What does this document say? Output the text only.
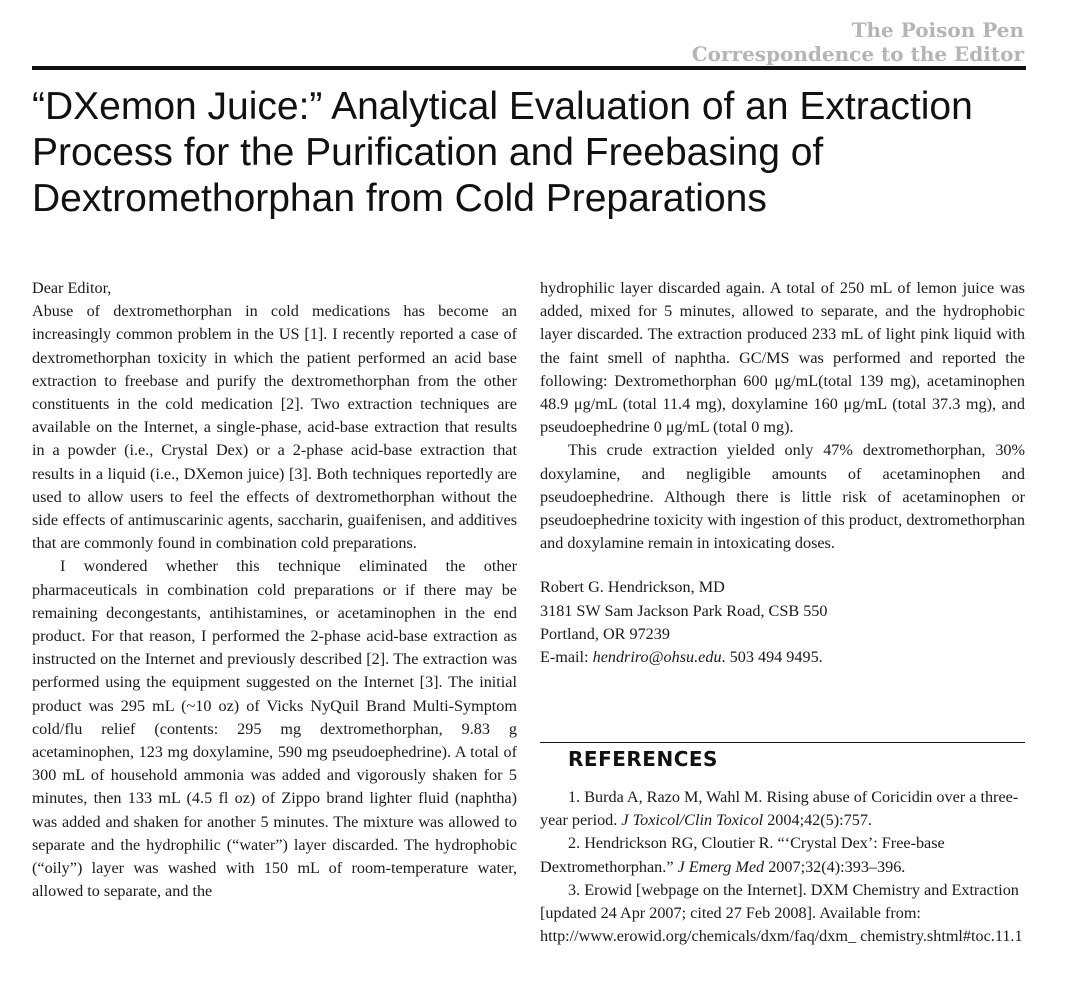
The Poison Pen
Correspondence to the Editor
“DXemon Juice:” Analytical Evaluation of an Extraction Process for the Purification and Freebasing of Dextromethorphan from Cold Preparations

Dear Editor,

Abuse of dextromethorphan in cold medications has become an increasingly common problem in the US [1]. I recently reported a case of dextromethorphan toxicity in which the patient performed an acid base extraction to freebase and purify the dextromethorphan from the other constituents in the cold medication [2]. Two extraction techniques are available on the Internet, a single-phase, acid-base extraction that results in a powder (i.e., Crystal Dex) or a 2-phase acid-base extraction that results in a liquid (i.e., DXemon juice) [3]. Both techniques reportedly are used to allow users to feel the effects of dextromethorphan without the side effects of antimuscarinic agents, saccharin, guaifenisen, and additives that are commonly found in combination cold preparations.

I wondered whether this technique eliminated the other pharmaceuticals in combination cold preparations or if there may be remaining decongestants, antihistamines, or acetaminophen in the end product. For that reason, I performed the 2-phase acid-base extraction as instructed on the Internet and previously described [2]. The extraction was performed using the equipment suggested on the Internet [3]. The initial product was 295 mL (~10 oz) of Vicks NyQuil Brand Multi-Symptom cold/flu relief (contents: 295 mg dextromethorphan, 9.83 g acetaminophen, 123 mg doxylamine, 590 mg pseudoephedrine). A total of 300 mL of household ammonia was added and vigorously shaken for 5 minutes, then 133 mL (4.5 fl oz) of Zippo brand lighter fluid (naphtha) was added and shaken for another 5 minutes. The mixture was allowed to separate and the hydrophilic (“water”) layer discarded. The hydrophobic (“oily”) layer was washed with 150 mL of room-temperature water, allowed to separate, and the

hydrophilic layer discarded again. A total of 250 mL of lemon juice was added, mixed for 5 minutes, allowed to separate, and the hydrophobic layer discarded. The extraction produced 233 mL of light pink liquid with the faint smell of naphtha. GC/MS was performed and reported the following: Dextromethorphan 600 μg/mL(total 139 mg), acetaminophen 48.9 μg/mL (total 11.4 mg), doxylamine 160 μg/mL (total 37.3 mg), and pseudoephedrine 0 μg/mL (total 0 mg).

This crude extraction yielded only 47% dextromethorphan, 30% doxylamine, and negligible amounts of acetaminophen and pseudoephedrine. Although there is little risk of acetaminophen or pseudoephedrine toxicity with ingestion of this product, dextromethorphan and doxylamine remain in intoxicating doses.

Robert G. Hendrickson, MD
3181 SW Sam Jackson Park Road, CSB 550
Portland, OR 97239
E-mail: hendriro@ohsu.edu. 503 494 9495.
REFERENCES

1. Burda A, Razo M, Wahl M. Rising abuse of Coricidin over a three-year period. J Toxicol/Clin Toxicol 2004;42(5):757.

2. Hendrickson RG, Cloutier R. “‘Crystal Dex’: Free-base Dextromethorphan.” J Emerg Med 2007;32(4):393–396.

3. Erowid [webpage on the Internet]. DXM Chemistry and Extraction [updated 24 Apr 2007; cited 27 Feb 2008]. Available from: http://www.erowid.org/chemicals/dxm/faq/dxm_ chemistry.shtml#toc.11.1
